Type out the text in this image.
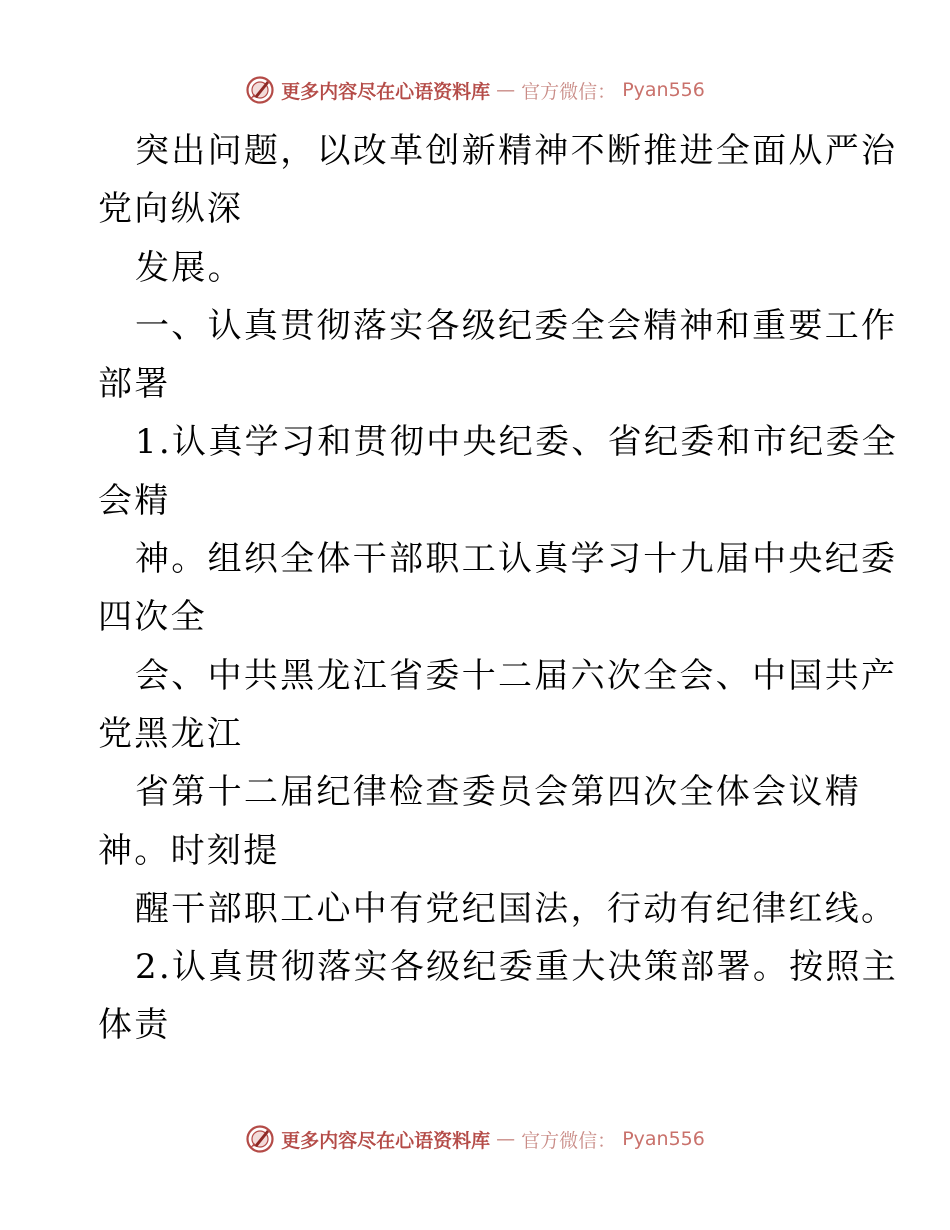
更多内容尽在心语资料库 — 官方微信： Pyan556
突出问题，以改革创新精神不断推进全面从严治
党向纵深
发展。
一、认真贯彻落实各级纪委全会精神和重要工作
部署
1.认真学习和贯彻中央纪委、省纪委和市纪委全
会精
神。组织全体干部职工认真学习十九届中央纪委
四次全
会、中共黑龙江省委十二届六次全会、中国共产
党黑龙江
省第十二届纪律检查委员会第四次全体会议精
神。时刻提
醒干部职工心中有党纪国法，行动有纪律红线。
2.认真贯彻落实各级纪委重大决策部署。按照主
体责
更多内容尽在心语资料库 — 官方微信： Pyan556
